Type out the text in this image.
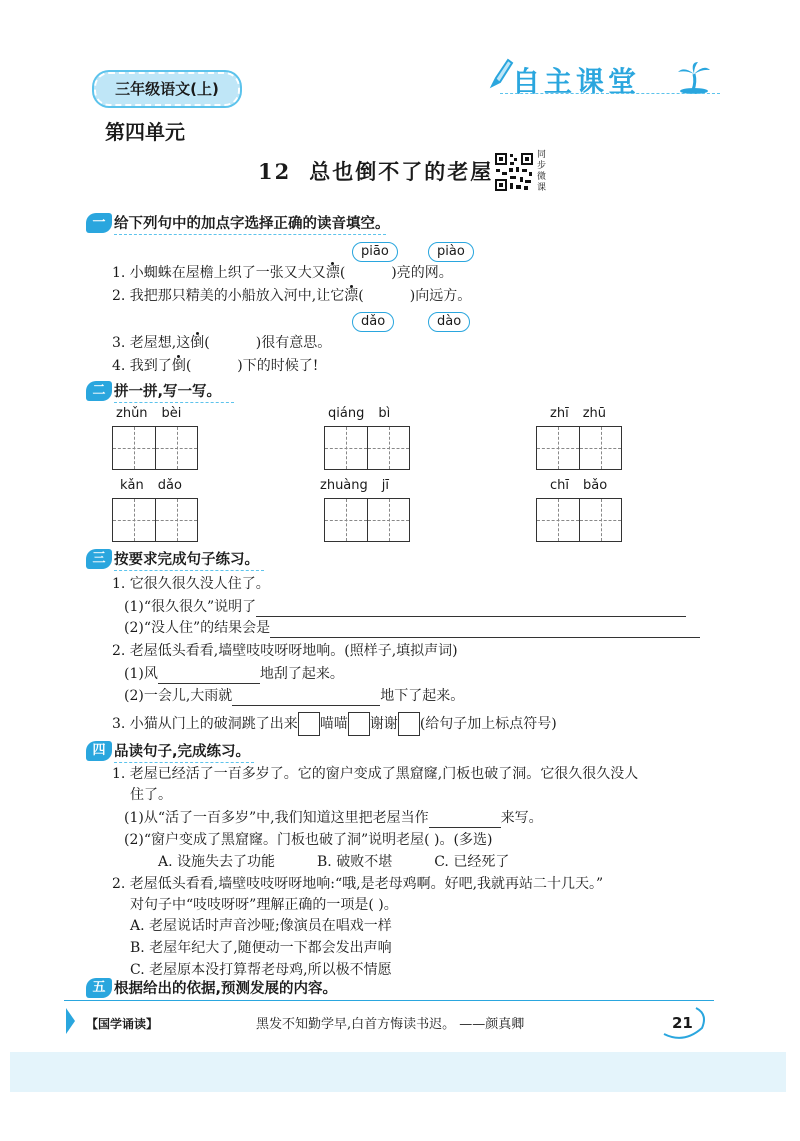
三年级语文(上)	自主课堂
第四单元
12 总也倒不了的老屋
同步微课
一 给下列句中的加点字选择正确的读音填空。
piāo	piào
1. 小蜘蛛在屋檐上织了一张又大又漂(	)亮的网。
2. 我把那只精美的小船放入河中,让它漂(	)向远方。
dǎo	dào
3. 老屋想,这倒(	)很有意思。
4. 我到了倒(	)下的时候了!
二 拼一拼,写一写。
zhǔn bèi	qiáng bì	zhī zhū
kǎn dǎo	zhuàng jī	chī bǎo
三 按要求完成句子练习。
1. 它很久很久没人住了。
(1)“很久很久”说明了
(2)“没人住”的结果会是
2. 老屋低头看看,墙壁吱吱呀呀地响。(照样子,填拟声词)
(1)风	地刮了起来。
(2)一会儿,大雨就	地下了起来。
3. 小猫从门上的破洞跳了出来 喵喵 谢谢 (给句子加上标点符号)
四 品读句子,完成练习。
1. 老屋已经活了一百多岁了。它的窗户变成了黑窟窿,门板也破了洞。它很久很久没人
住了。
(1)从“活了一百多岁”中,我们知道这里把老屋当作	来写。
(2)“窗户变成了黑窟窿。门板也破了洞”说明老屋( )。(多选)
A. 设施失去了功能	B. 破败不堪	C. 已经死了
2. 老屋低头看看,墙壁吱吱呀呀地响:“哦,是老母鸡啊。好吧,我就再站二十几天。”
对句子中“吱吱呀呀”理解正确的一项是( )。
A. 老屋说话时声音沙哑;像演员在唱戏一样
B. 老屋年纪大了,随便动一下都会发出声响
C. 老屋原本没打算帮老母鸡,所以极不情愿
五 根据给出的依据,预测发展的内容。
【国学诵读】	黑发不知勤学早,白首方悔读书迟。 ——颜真卿	21
